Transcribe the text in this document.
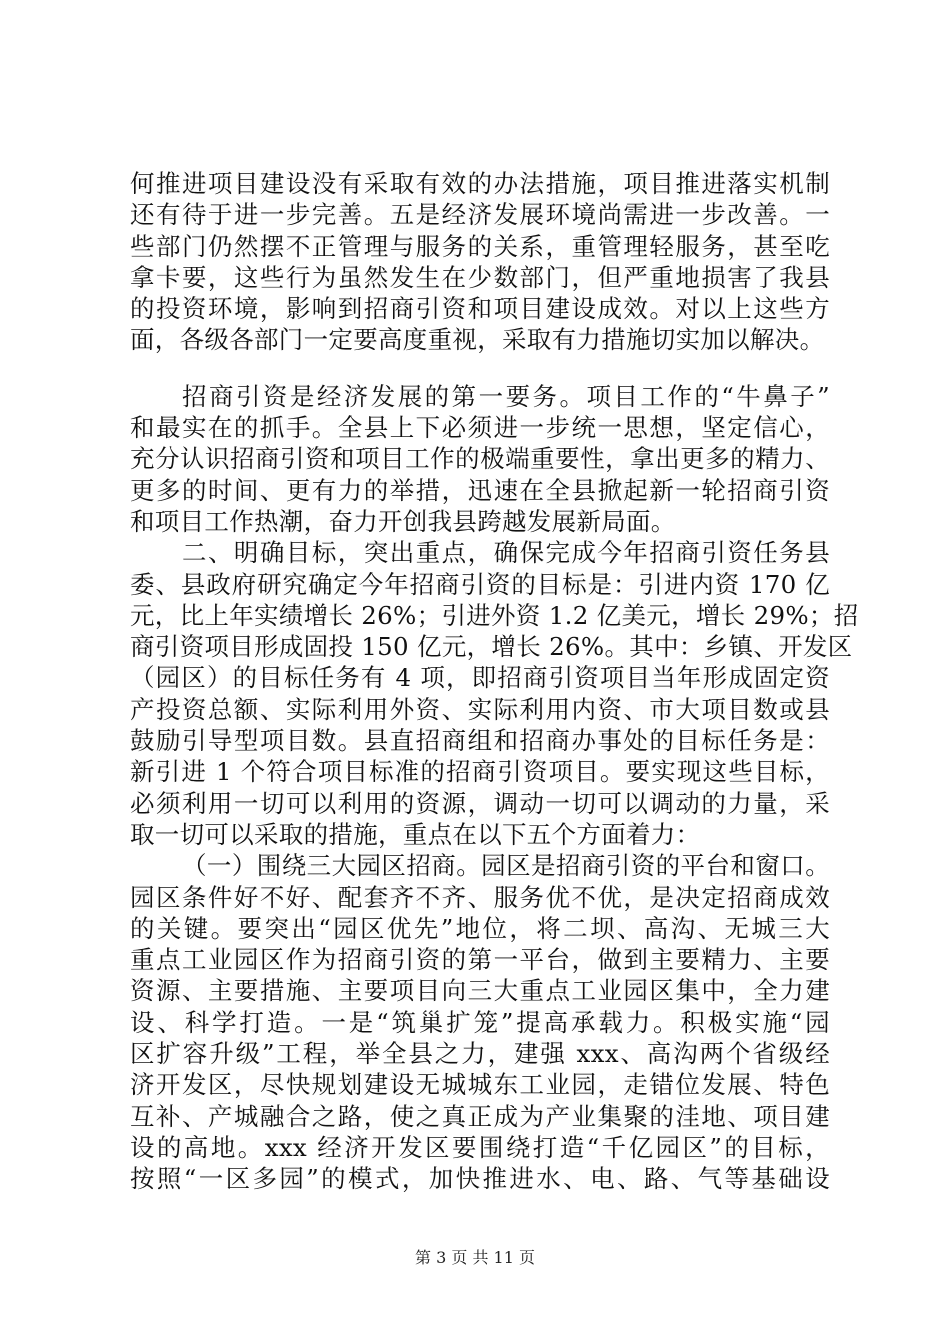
何推进项目建设没有采取有效的办法措施，项目推进落实机制
还有待于进一步完善。五是经济发展环境尚需进一步改善。一
些部门仍然摆不正管理与服务的关系，重管理轻服务，甚至吃
拿卡要，这些行为虽然发生在少数部门，但严重地损害了我县
的投资环境，影响到招商引资和项目建设成效。对以上这些方
面，各级各部门一定要高度重视，采取有力措施切实加以解决。
招商引资是经济发展的第一要务。项目工作的“牛鼻子”
和最实在的抓手。全县上下必须进一步统一思想，坚定信心，
充分认识招商引资和项目工作的极端重要性，拿出更多的精力、
更多的时间、更有力的举措，迅速在全县掀起新一轮招商引资
和项目工作热潮，奋力开创我县跨越发展新局面。
二、明确目标，突出重点，确保完成今年招商引资任务县
委、县政府研究确定今年招商引资的目标是：引进内资 170 亿
元，比上年实绩增长 26%；引进外资 1.2 亿美元，增长 29%；招
商引资项目形成固投 150 亿元，增长 26%。其中：乡镇、开发区
（园区）的目标任务有 4 项，即招商引资项目当年形成固定资
产投资总额、实际利用外资、实际利用内资、市大项目数或县
鼓励引导型项目数。县直招商组和招商办事处的目标任务是：
新引进 1 个符合项目标准的招商引资项目。要实现这些目标，
必须利用一切可以利用的资源，调动一切可以调动的力量，采
取一切可以采取的措施，重点在以下五个方面着力：
（一）围绕三大园区招商。园区是招商引资的平台和窗口。
园区条件好不好、配套齐不齐、服务优不优，是决定招商成效
的关键。要突出“园区优先”地位，将二坝、高沟、无城三大
重点工业园区作为招商引资的第一平台，做到主要精力、主要
资源、主要措施、主要项目向三大重点工业园区集中，全力建
设、科学打造。一是“筑巢扩笼”提高承载力。积极实施“园
区扩容升级”工程，举全县之力，建强 xxx、高沟两个省级经
济开发区，尽快规划建设无城城东工业园，走错位发展、特色
互补、产城融合之路，使之真正成为产业集聚的洼地、项目建
设的高地。xxx 经济开发区要围绕打造“千亿园区”的目标，
按照“一区多园”的模式，加快推进水、电、路、气等基础设
第 3 页 共 11 页
